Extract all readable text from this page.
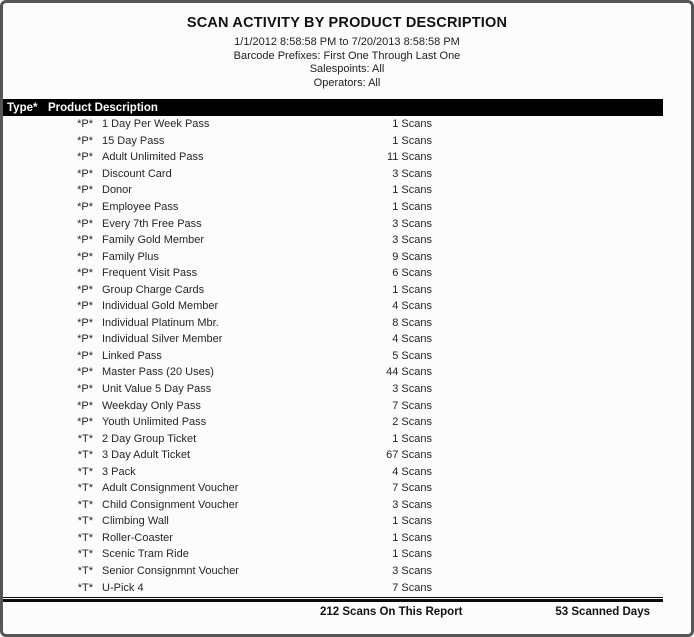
SCAN ACTIVITY BY PRODUCT DESCRIPTION
1/1/2012 8:58:58 PM to 7/20/2013 8:58:58 PM
Barcode Prefixes: First One Through Last One
Salespoints: All
Operators: All
Type* Product Description
*P* 1 Day Per Week Pass	1 Scans
*P* 15 Day Pass	1 Scans
*P* Adult Unlimited Pass	11 Scans
*P* Discount Card	3 Scans
*P* Donor	1 Scans
*P* Employee Pass	1 Scans
*P* Every 7th Free Pass	3 Scans
*P* Family Gold Member	3 Scans
*P* Family Plus	9 Scans
*P* Frequent Visit Pass	6 Scans
*P* Group Charge Cards	1 Scans
*P* Individual Gold Member	4 Scans
*P* Individual Platinum Mbr.	8 Scans
*P* Individual Silver Member	4 Scans
*P* Linked Pass	5 Scans
*P* Master Pass (20 Uses)	44 Scans
*P* Unit Value 5 Day Pass	3 Scans
*P* Weekday Only Pass	7 Scans
*P* Youth Unlimited Pass	2 Scans
*T* 2 Day Group Ticket	1 Scans
*T* 3 Day Adult Ticket	67 Scans
*T* 3 Pack	4 Scans
*T* Adult Consignment Voucher	7 Scans
*T* Child Consignment Voucher	3 Scans
*T* Climbing Wall	1 Scans
*T* Roller-Coaster	1 Scans
*T* Scenic Tram Ride	1 Scans
*T* Senior Consignmnt Voucher	3 Scans
*T* U-Pick 4	7 Scans
212 Scans On This Report	53 Scanned Days
